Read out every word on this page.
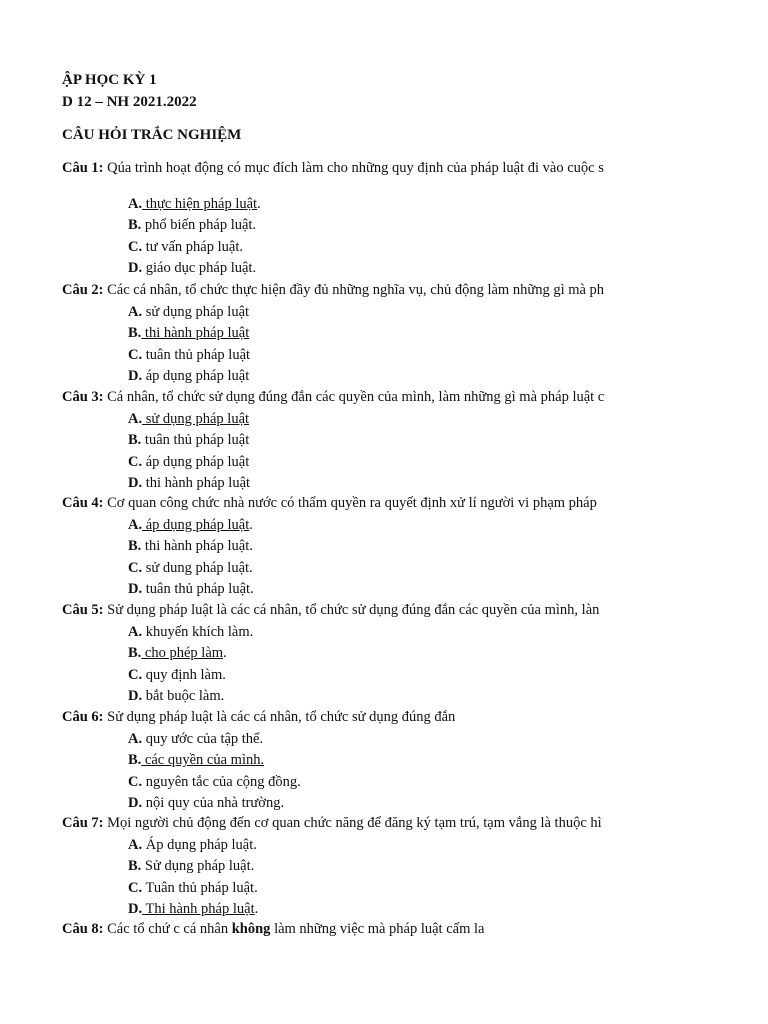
ẬP HỌC KỲ 1
D 12 – NH 2021.2022
CÂU HỎI TRẮC NGHIỆM
Câu 1: Qúa trình hoạt động có mục đích làm cho những quy định của pháp luật đi vào cuộc s
A. thực hiện pháp luật.
B. phổ biến pháp luật.
C. tư vấn pháp luật.
D. giáo dục pháp luật.
Câu 2: Các cá nhân, tổ chức thực hiện đầy đủ những nghĩa vụ, chủ động làm những gì mà ph
A. sử dụng pháp luật
B. thi hành pháp luật
C. tuân thủ pháp luật
D. áp dụng pháp luật
Câu 3: Cá nhân, tổ chức sử dụng đúng đắn các quyền của mình, làm những gì mà pháp luật c
A. sử dụng pháp luật
B. tuân thủ pháp luật
C. áp dụng pháp luật
D. thi hành pháp luật
Câu 4: Cơ quan công chức nhà nước có thẩm quyền ra quyết định xử lí người vi phạm pháp
A. áp dụng pháp luật.
B. thi hành pháp luật.
C. sử dung pháp luật.
D. tuân thủ pháp luật.
Câu 5: Sử dụng pháp luật là các cá nhân, tổ chức sử dụng đúng đắn các quyền của mình, làn
A. khuyến khích làm.
B. cho phép làm.
C. quy định làm.
D. bắt buộc làm.
Câu 6: Sử dụng pháp luật là các cá nhân, tổ chức sử dụng đúng đắn
A. quy ước của tập thể.
B. các quyền của mình.
C. nguyên tắc của cộng đồng.
D. nội quy của nhà trường.
Câu 7: Mọi người chủ động đến cơ quan chức năng để đăng ký tạm trú, tạm vắng là thuộc hì
A. Áp dụng pháp luật.
B. Sử dụng pháp luật.
C. Tuân thủ pháp luật.
D. Thi hành pháp luật.
Câu 8: Các tổ chứ c cá nhân không làm những việc mà pháp luật cấm la
